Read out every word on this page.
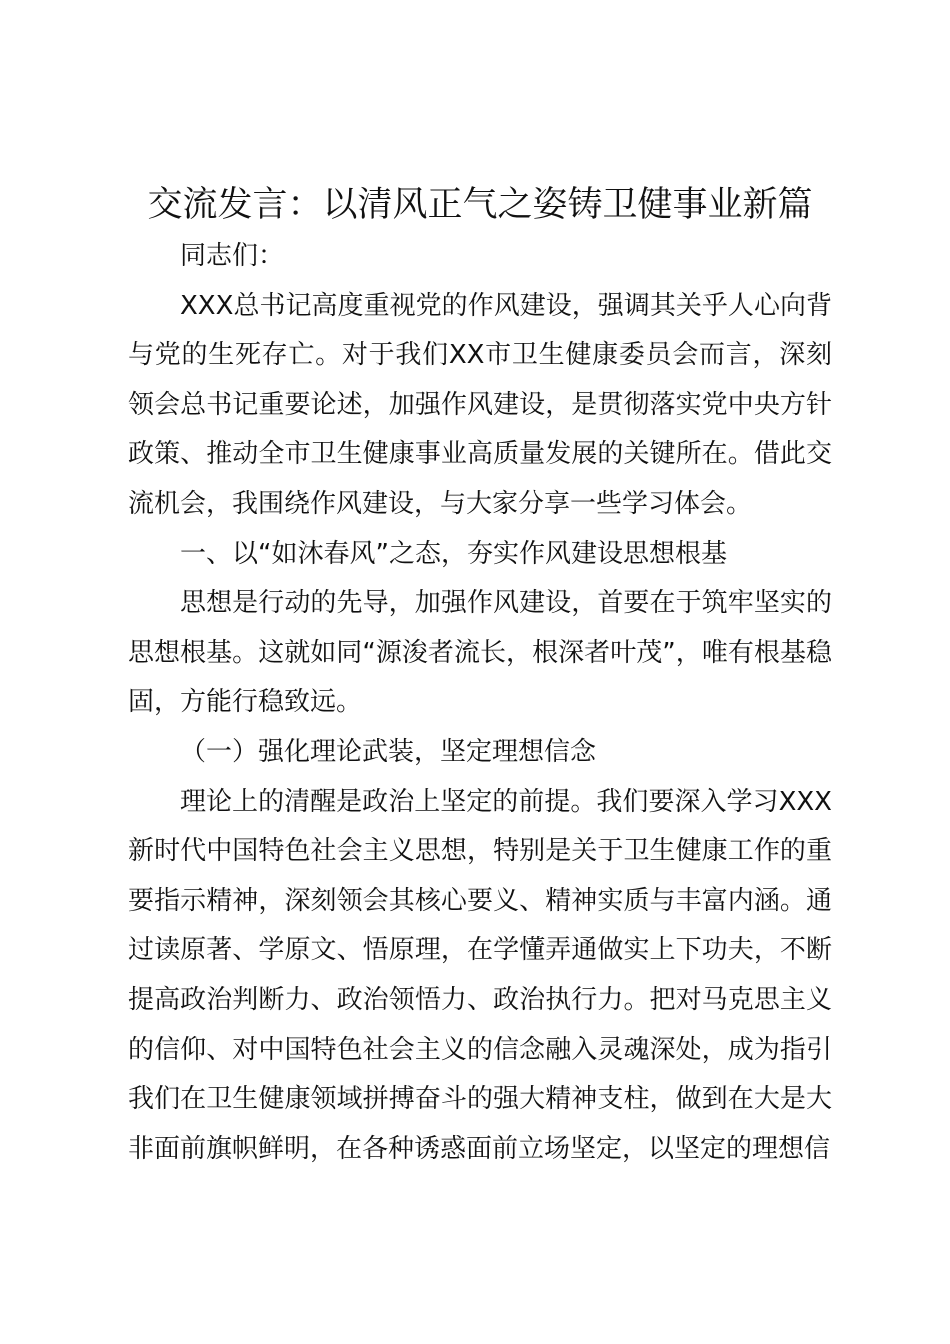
交流发言：以清风正气之姿铸卫健事业新篇

同志们：

XXX总书记高度重视党的作风建设，强调其关乎人心向背与党的生死存亡。对于我们XX市卫生健康委员会而言，深刻领会总书记重要论述，加强作风建设，是贯彻落实党中央方针政策、推动全市卫生健康事业高质量发展的关键所在。借此交流机会，我围绕作风建设，与大家分享一些学习体会。

一、以“如沐春风”之态，夯实作风建设思想根基

思想是行动的先导，加强作风建设，首要在于筑牢坚实的思想根基。这就如同“源浚者流长，根深者叶茂”，唯有根基稳固，方能行稳致远。

（一）强化理论武装，坚定理想信念

理论上的清醒是政治上坚定的前提。我们要深入学习XXX新时代中国特色社会主义思想，特别是关于卫生健康工作的重要指示精神，深刻领会其核心要义、精神实质与丰富内涵。通过读原著、学原文、悟原理，在学懂弄通做实上下功夫，不断提高政治判断力、政治领悟力、政治执行力。把对马克思主义的信仰、对中国特色社会主义的信念融入灵魂深处，成为指引我们在卫生健康领域拼搏奋斗的强大精神支柱，做到在大是大非面前旗帜鲜明，在各种诱惑面前立场坚定，以坚定的理想信
